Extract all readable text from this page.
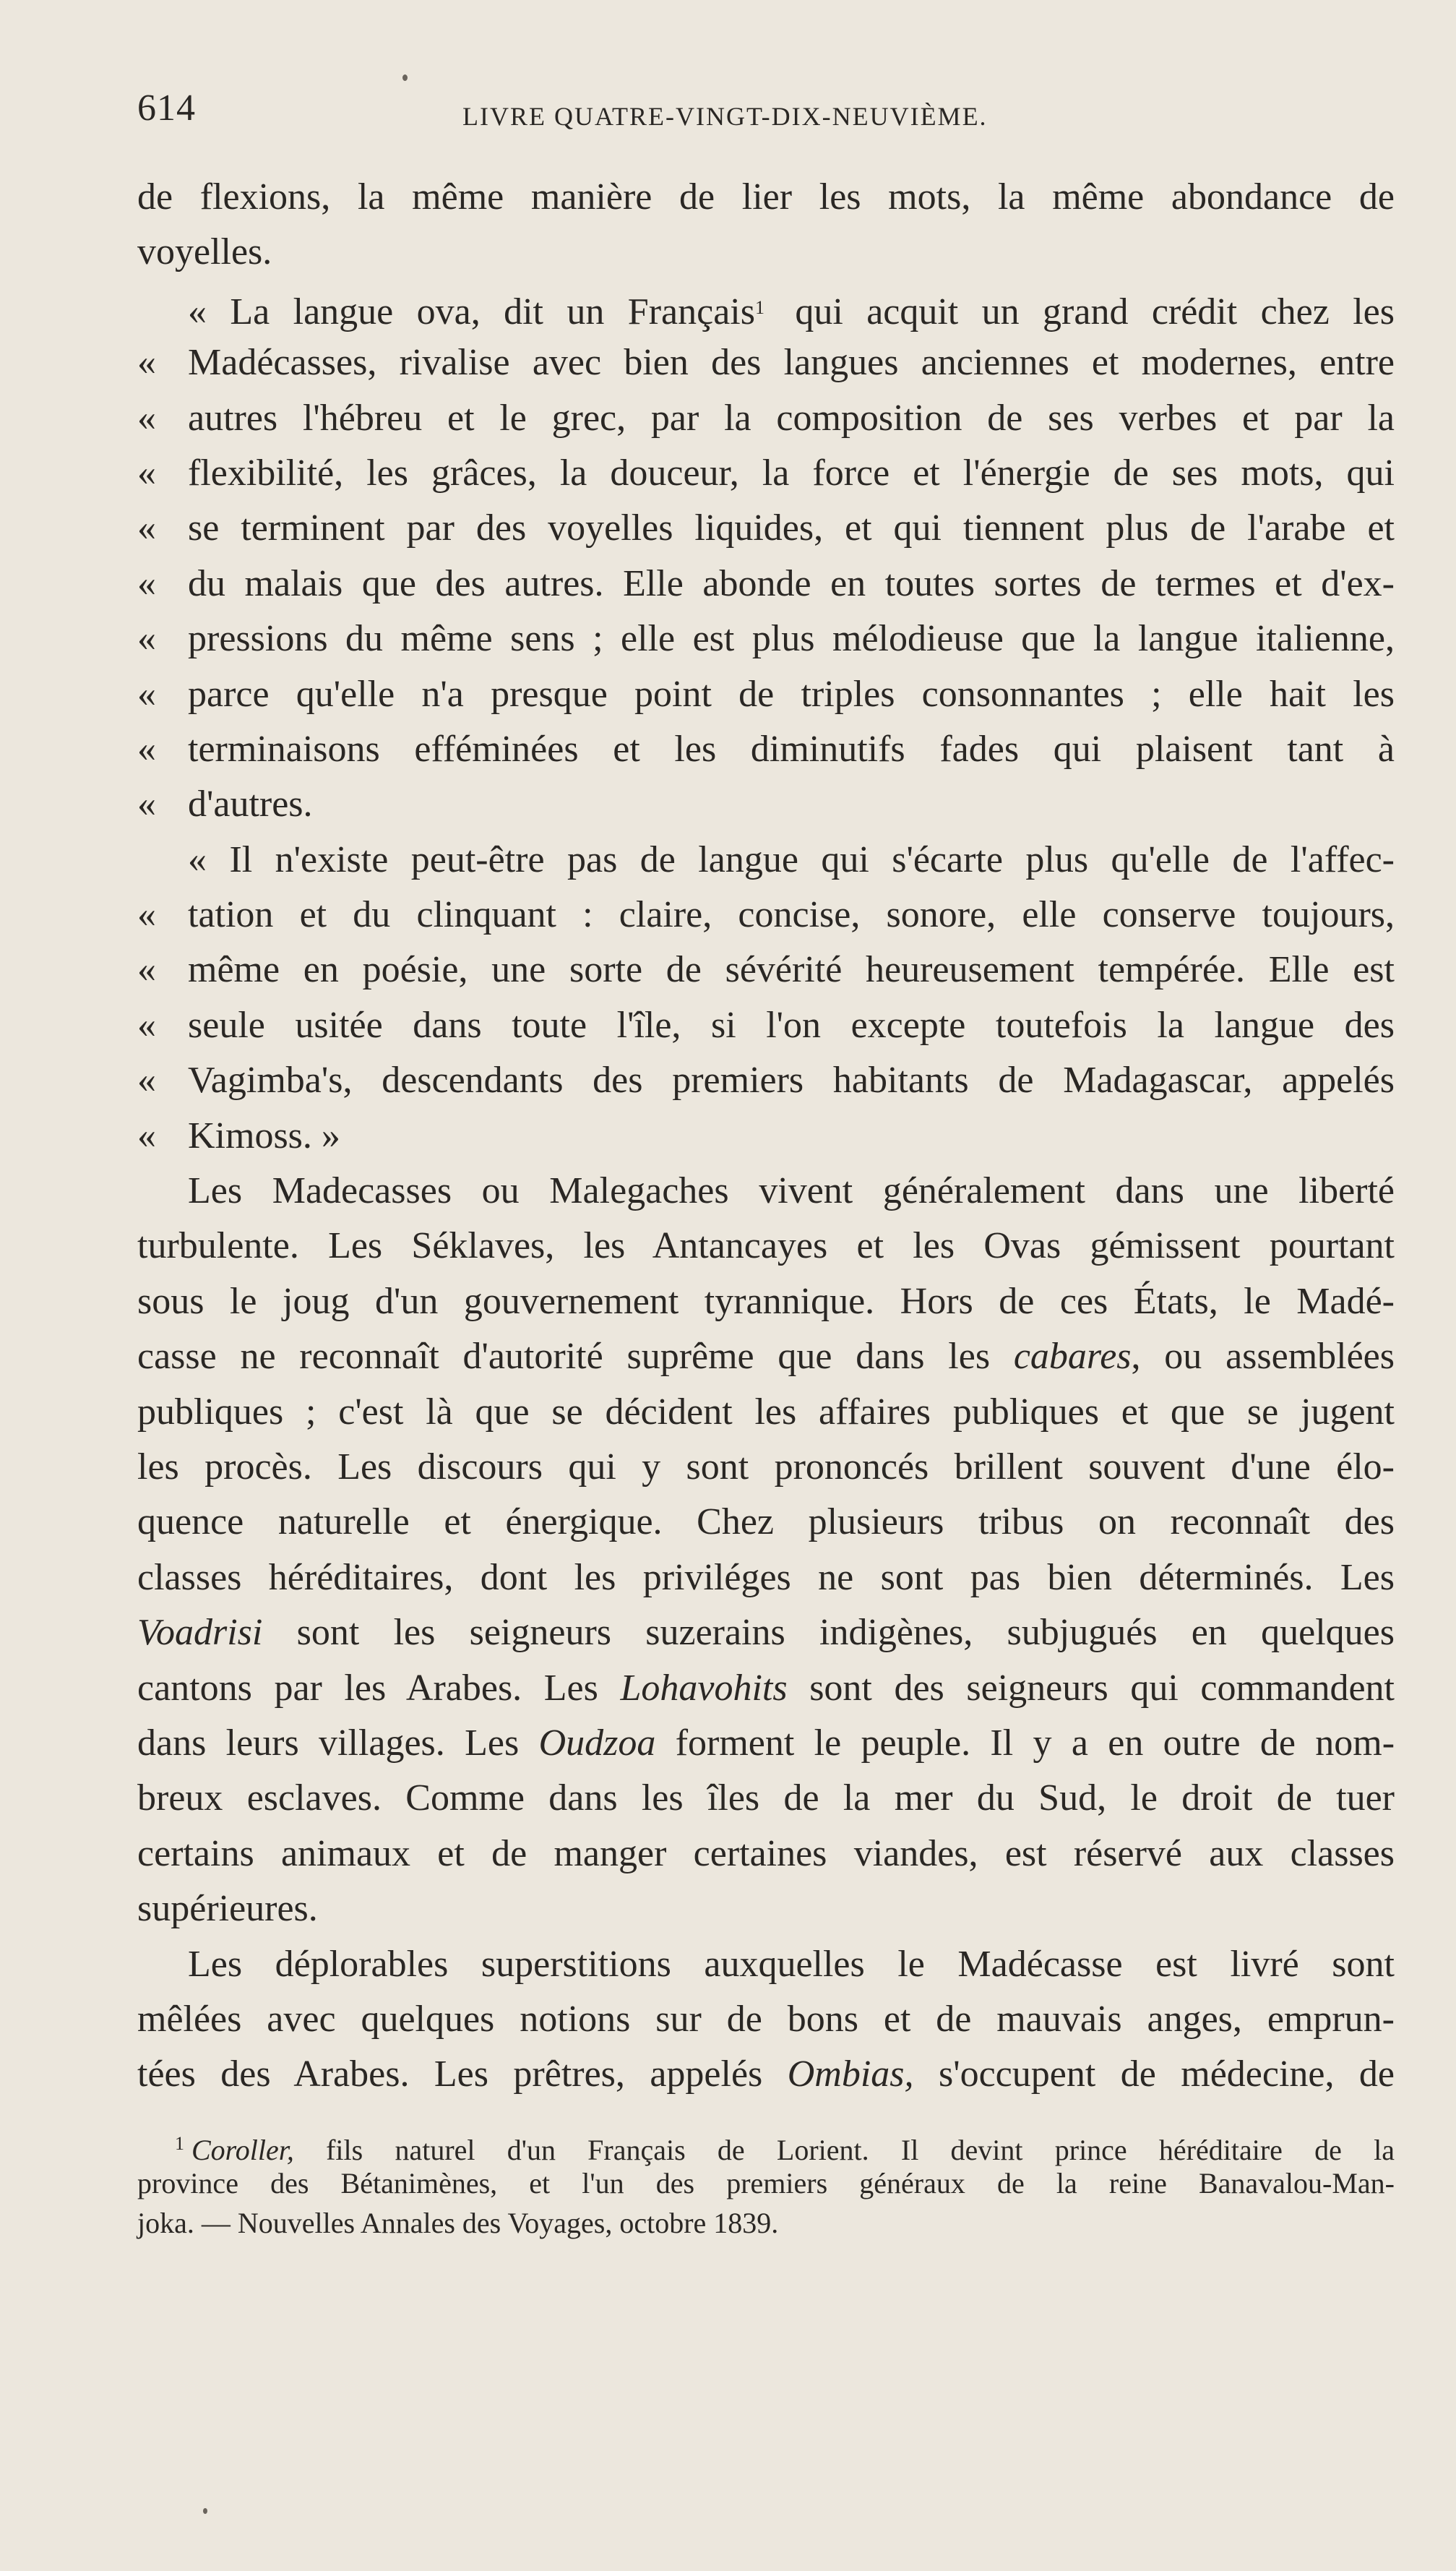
614	LIVRE QUATRE-VINGT-DIX-NEUVIÈME.
de flexions, la même manière de lier les mots, la même abondance de
voyelles.
« La langue ova, dit un Français$^1$ qui acquit un grand crédit chez les
« Madécasses, rivalise avec bien des langues anciennes et modernes, entre
« autres l'hébreu et le grec, par la composition de ses verbes et par la
« flexibilité, les grâces, la douceur, la force et l'énergie de ses mots, qui
« se terminent par des voyelles liquides, et qui tiennent plus de l'arabe et
« du malais que des autres. Elle abonde en toutes sortes de termes et d'ex-
« pressions du même sens ; elle est plus mélodieuse que la langue italienne,
« parce qu'elle n'a presque point de triples consonnantes ; elle hait les
« terminaisons efféminées et les diminutifs fades qui plaisent tant à
« d'autres.
« Il n'existe peut-être pas de langue qui s'écarte plus qu'elle de l'affec-
« tation et du clinquant : claire, concise, sonore, elle conserve toujours,
« même en poésie, une sorte de sévérité heureusement tempérée. Elle est
« seule usitée dans toute l'île, si l'on excepte toutefois la langue des
« Vagimba's, descendants des premiers habitants de Madagascar, appelés
« Kimoss. »
Les Madecasses ou Malegaches vivent généralement dans une liberté
turbulente. Les Séklaves, les Antancayes et les Ovas gémissent pourtant
sous le joug d'un gouvernement tyrannique. Hors de ces États, le Madé-
casse ne reconnaît d'autorité suprême que dans les cabares, ou assemblées
publiques ; c'est là que se décident les affaires publiques et que se jugent
les procès. Les discours qui y sont prononcés brillent souvent d'une élo-
quence naturelle et énergique. Chez plusieurs tribus on reconnaît des
classes héréditaires, dont les priviléges ne sont pas bien déterminés. Les
Voadrisi sont les seigneurs suzerains indigènes, subjugués en quelques
cantons par les Arabes. Les Lohavohits sont des seigneurs qui commandent
dans leurs villages. Les Oudzoa forment le peuple. Il y a en outre de nom-
breux esclaves. Comme dans les îles de la mer du Sud, le droit de tuer
certains animaux et de manger certaines viandes, est réservé aux classes
supérieures.
Les déplorables superstitions auxquelles le Madécasse est livré sont
mêlées avec quelques notions sur de bons et de mauvais anges, emprun-
tées des Arabes. Les prêtres, appelés Ombias, s'occupent de médecine, de
$^1$ Coroller, fils naturel d'un Français de Lorient. Il devint prince héréditaire de la
province des Bétanimènes, et l'un des premiers généraux de la reine Banavalou-Man-
joka. — Nouvelles Annales des Voyages, octobre 1839.
